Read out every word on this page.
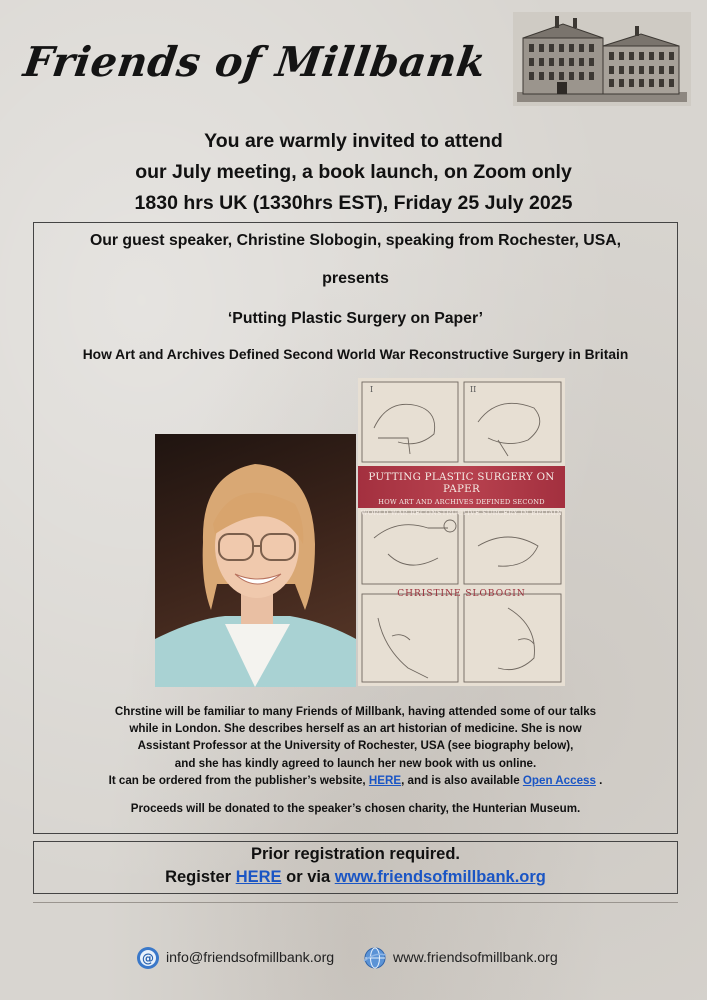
Friends of Millbank
You are warmly invited to attend
our July meeting, a book launch, on Zoom only
1830 hrs UK (1330hrs EST), Friday 25 July 2025
Our guest speaker, Christine Slobogin, speaking from Rochester, USA,
presents
‘Putting Plastic Surgery on Paper’
How Art and Archives Defined Second World War Reconstructive Surgery in Britain
I	II
PUTTING PLASTIC SURGERY ON PAPER
HOW ART AND ARCHIVES DEFINED SECOND
WORLD WAR RECONSTRUCTIVE SURGERY IN BRITAIN
CHRISTINE SLOBOGIN
Chrstine will be familiar to many Friends of Millbank, having attended some of our talks
while in London. She describes herself as an art historian of medicine. She is now
Assistant Professor at the University of Rochester, USA (see biography below),
and she has kindly agreed to launch her new book with us online.
It can be ordered from the publisher’s website, HERE, and is also available Open Access .
Proceeds will be donated to the speaker’s chosen charity, the Hunterian Museum.
Prior registration required.
Register HERE or via www.friendsofmillbank.org
@ info@friendsofmillbank.org	www.friendsofmillbank.org
